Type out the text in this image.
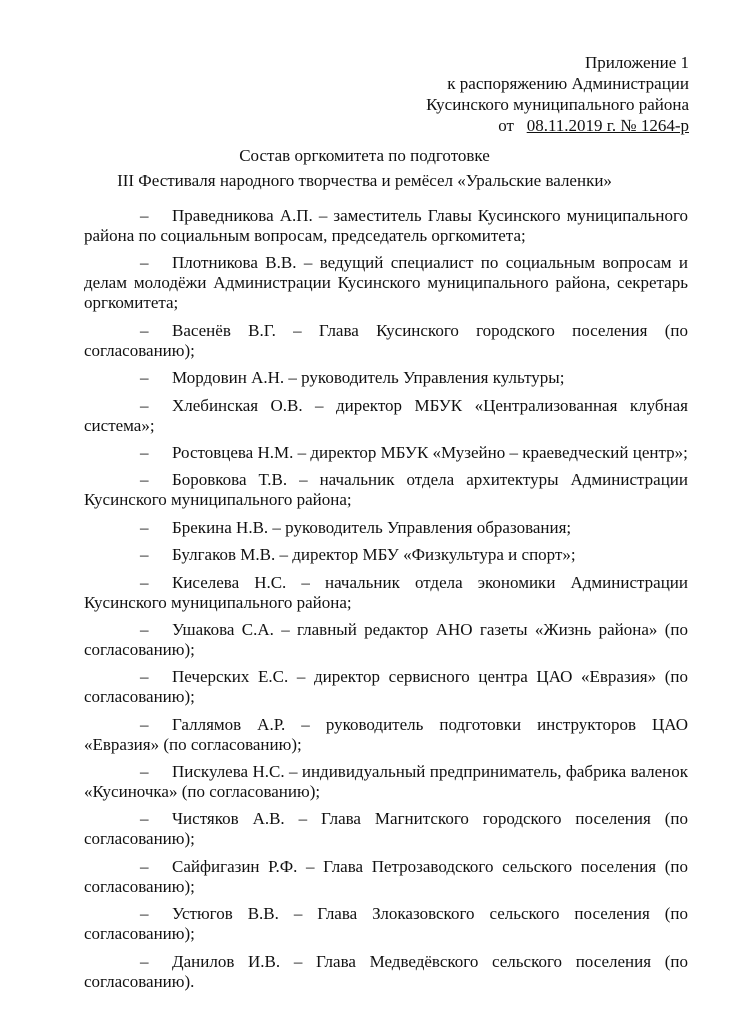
Приложение 1
к распоряжению Администрации
Кусинского муниципального района
от 08.11.2019 г. № 1264-р
Состав оргкомитета по подготовке
III Фестиваля народного творчества и ремёсел «Уральские валенки»
– Праведникова А.П. – заместитель Главы Кусинского муниципального района по социальным вопросам, председатель оргкомитета;
– Плотникова В.В. – ведущий специалист по социальным вопросам и делам молодёжи Администрации Кусинского муниципального района, секретарь оргкомитета;
– Васенёв В.Г. – Глава Кусинского городского поселения (по согласованию);
– Мордовин А.Н. – руководитель Управления культуры;
– Хлебинская О.В. – директор МБУК «Централизованная клубная система»;
– Ростовцева Н.М. – директор МБУК «Музейно – краеведческий центр»;
– Боровкова Т.В. – начальник отдела архитектуры Администрации Кусинского муниципального района;
– Брекина Н.В. – руководитель Управления образования;
– Булгаков М.В. – директор МБУ «Физкультура и спорт»;
– Киселева Н.С. – начальник отдела экономики Администрации Кусинского муниципального района;
– Ушакова С.А. – главный редактор АНО газеты «Жизнь района» (по согласованию);
– Печерских Е.С. – директор сервисного центра ЦАО «Евразия» (по согласованию);
– Галлямов А.Р. – руководитель подготовки инструкторов ЦАО «Евразия» (по согласованию);
– Пискулева Н.С. – индивидуальный предприниматель, фабрика валенок «Кусиночка» (по согласованию);
– Чистяков А.В. – Глава Магнитского городского поселения (по согласованию);
– Сайфигазин Р.Ф. – Глава Петрозаводского сельского поселения (по согласованию);
– Устюгов В.В. – Глава Злоказовского сельского поселения (по согласованию);
– Данилов И.В. – Глава Медведёвского сельского поселения (по согласованию).
